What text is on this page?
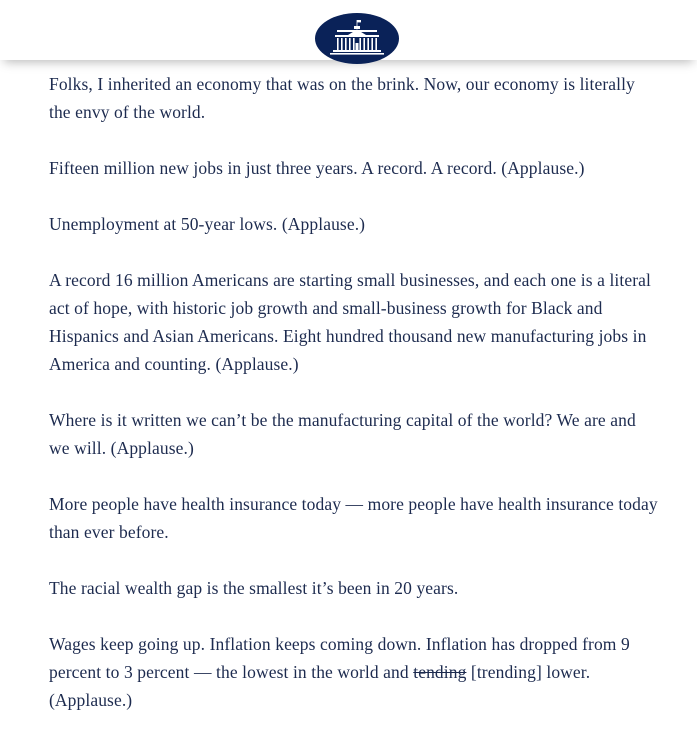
Folks, I inherited an economy that was on the brink. Now, our economy is literally the envy of the world.

Fifteen million new jobs in just three years. A record. A record. (Applause.)

Unemployment at 50-year lows. (Applause.)

A record 16 million Americans are starting small businesses, and each one is a literal act of hope, with historic job growth and small-business growth for Black and Hispanics and Asian Americans. Eight hundred thousand new manufacturing jobs in America and counting. (Applause.)

Where is it written we can’t be the manufacturing capital of the world? We are and we will. (Applause.)

More people have health insurance today — more people have health insurance today than ever before.

The racial wealth gap is the smallest it’s been in 20 years.

Wages keep going up. Inflation keeps coming down. Inflation has dropped from 9 percent to 3 percent — the lowest in the world and tending [trending] lower. (Applause.)
